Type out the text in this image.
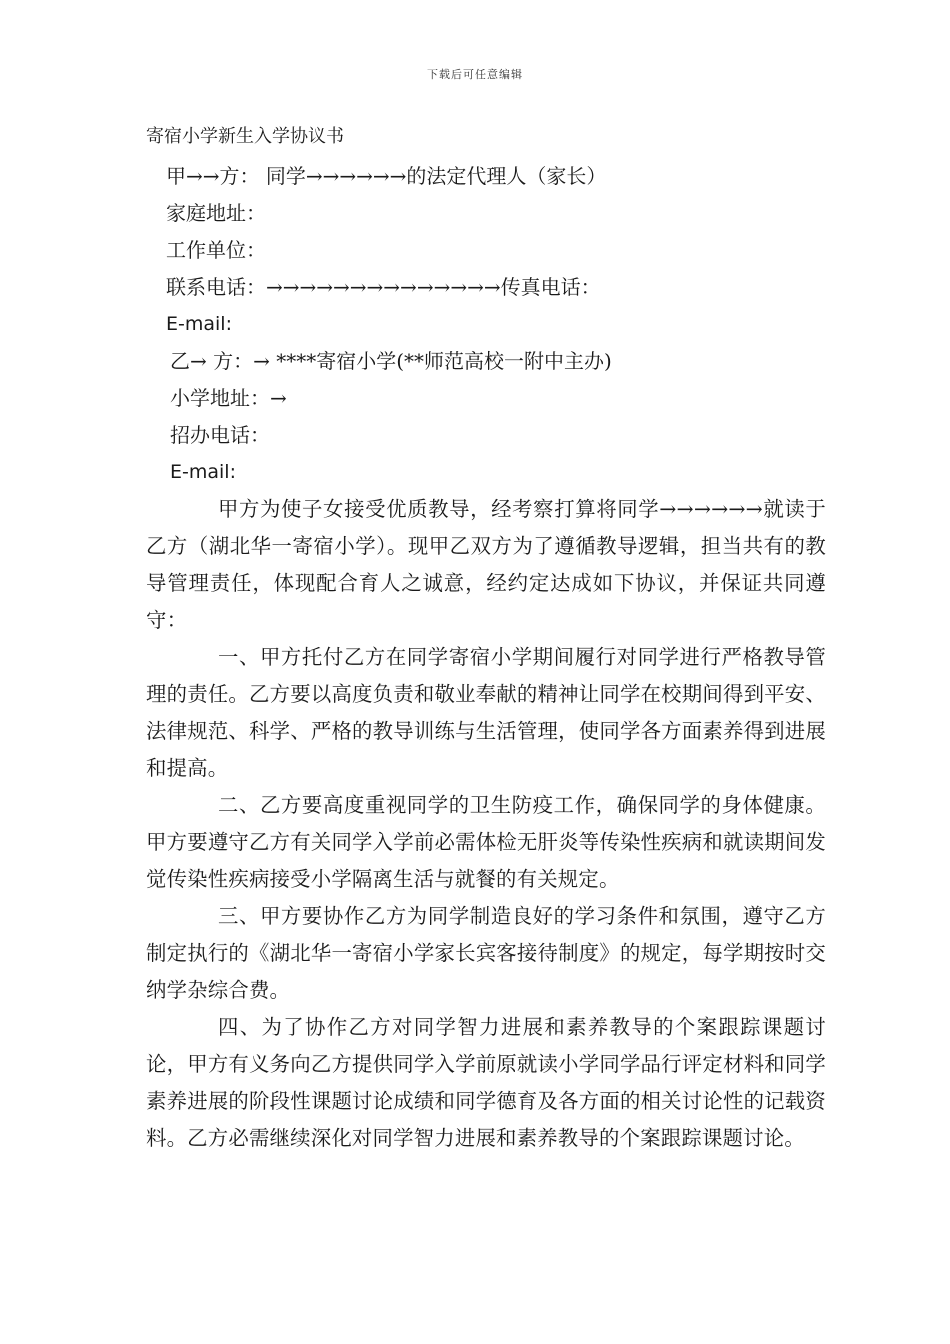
下载后可任意编辑
寄宿小学新生入学协议书
甲→→方： 同学→→→→→→的法定代理人（家长）
家庭地址：
工作单位：
联系电话：→→→→→→→→→→→→→→传真电话：
E-mail:
乙→ 方：→ ****寄宿小学(**师范高校一附中主办)
小学地址：→
招办电话：
E-mail:

甲方为使子女接受优质教导，经考察打算将同学→→→→→→就读于乙方（湖北华一寄宿小学）。现甲乙双方为了遵循教导逻辑，担当共有的教导管理责任，体现配合育人之诚意，经约定达成如下协议，并保证共同遵守：

一、甲方托付乙方在同学寄宿小学期间履行对同学进行严格教导管理的责任。乙方要以高度负责和敬业奉献的精神让同学在校期间得到平安、法律规范、科学、严格的教导训练与生活管理，使同学各方面素养得到进展和提高。

二、乙方要高度重视同学的卫生防疫工作，确保同学的身体健康。甲方要遵守乙方有关同学入学前必需体检无肝炎等传染性疾病和就读期间发觉传染性疾病接受小学隔离生活与就餐的有关规定。

三、甲方要协作乙方为同学制造良好的学习条件和氛围，遵守乙方制定执行的《湖北华一寄宿小学家长宾客接待制度》的规定，每学期按时交纳学杂综合费。

四、为了协作乙方对同学智力进展和素养教导的个案跟踪课题讨论，甲方有义务向乙方提供同学入学前原就读小学同学品行评定材料和同学素养进展的阶段性课题讨论成绩和同学德育及各方面的相关讨论性的记载资料。乙方必需继续深化对同学智力进展和素养教导的个案跟踪课题讨论。
